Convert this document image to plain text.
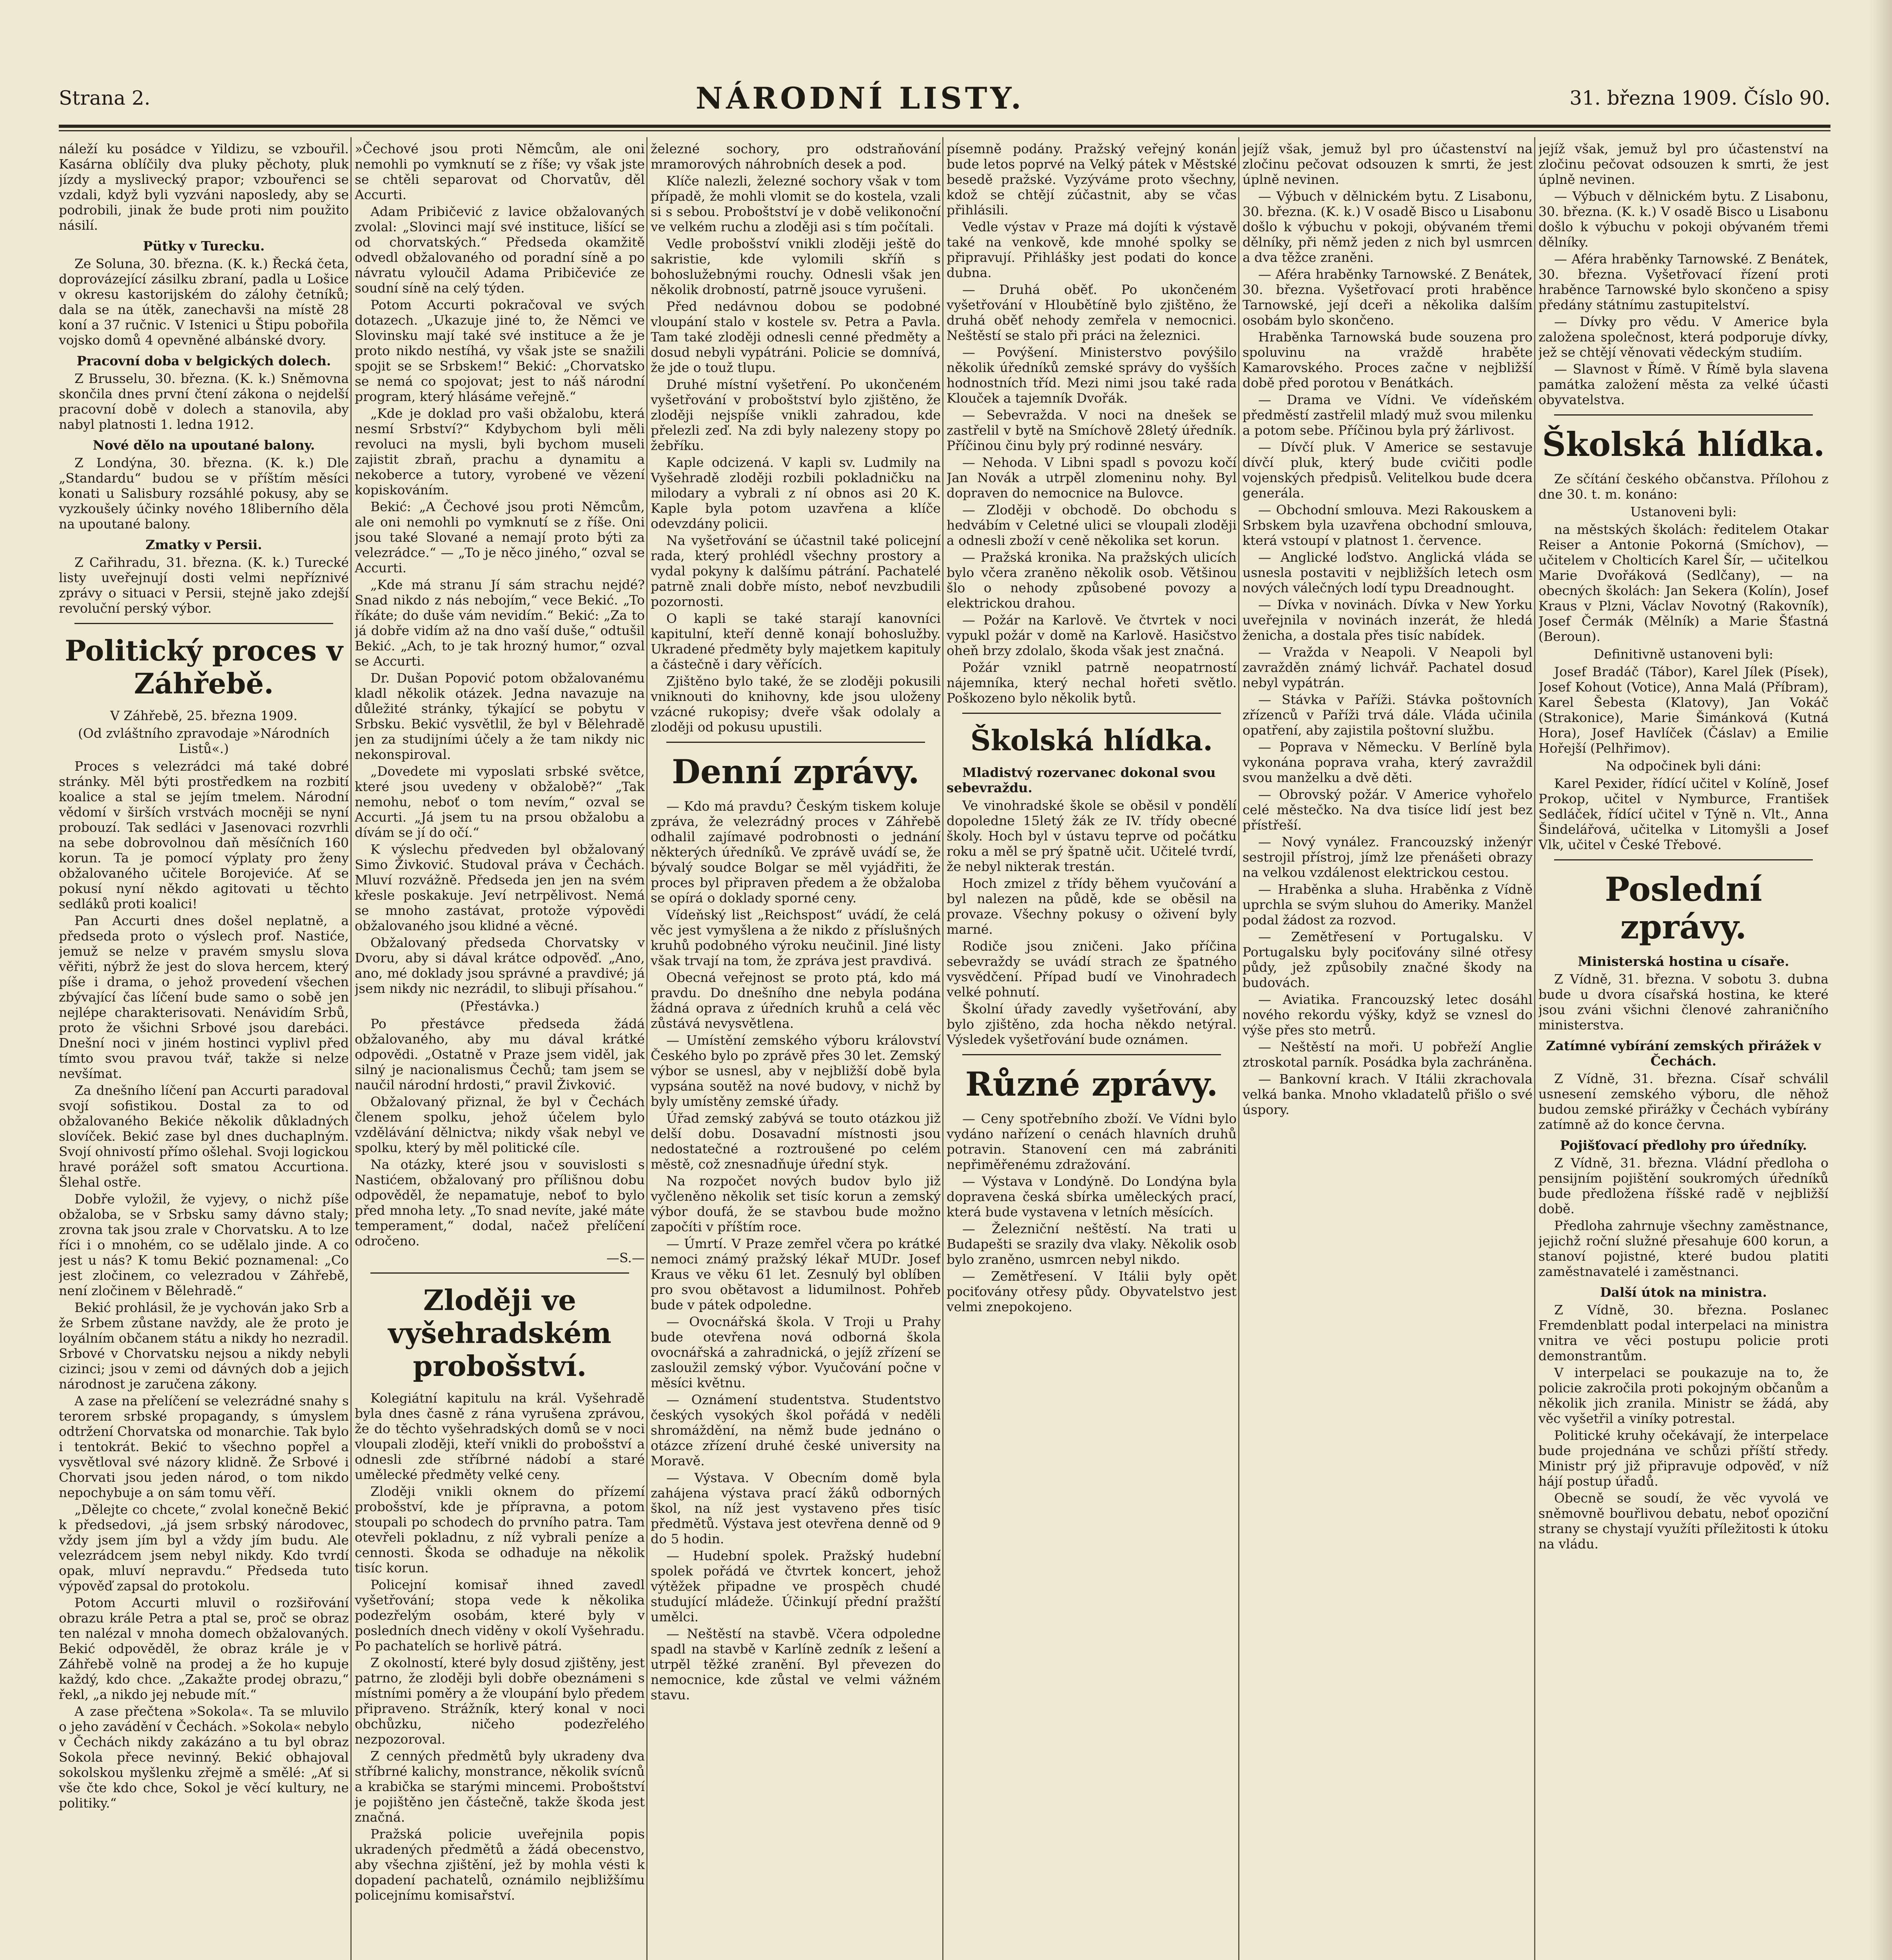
Strana 2.	NÁRODNÍ LISTY.	31. března 1909. Číslo 90.

náleží ku posádce v Yildizu, se vzbouřil. Kasárna oblíčily dva pluky pěchoty, pluk jízdy a myslivecký prapor; vzbouřenci se vzdali, když byli vyzváni naposledy, aby se podrobili, jinak že bude proti nim použito násilí.

Pütky v Turecku.

Ze Soluna, 30. března. (K. k.) Řecká četa, doprovázející zásilku zbraní, padla u Lošice v okresu kastorijském do zálohy četníků; dala se na útěk, zanechavši na místě 28 koní a 37 ručnic. V Istenici u Štipu pobořila vojsko domů 4 opevněné albánské dvory.

Pracovní doba v belgických dolech.

Z Brusselu, 30. března. (K. k.) Sněmovna skončila dnes první čtení zákona o nejdelší pracovní době v dolech a stanovila, aby nabyl platnosti 1. ledna 1912.

Nové dělo na upoutané balony.

Z Londýna, 30. března. (K. k.) Dle „Standardu“ budou se v příštím měsíci konati u Salisbury rozsáhlé pokusy, aby se vyzkoušely účinky nového 18liberního děla na upoutané balony.

Zmatky v Persii.

Z Cařihradu, 31. března. (K. k.) Turecké listy uveřejnují dosti velmi nepříznivé zprávy o situaci v Persii, stejně jako zdejší revoluční perský výbor.

Politický proces v Záhřebě.

V Záhřebě, 25. března 1909.

(Od zvláštního zpravodaje »Národních Listů«.)

Proces s velezrádci má také dobré stránky. Měl býti prostředkem na rozbití koalice a stal se jejím tmelem. Národní vědomí v širších vrstvách mocněji se nyní probouzí. Tak sedláci v Jasenovaci rozvrhli na sebe dobrovolnou daň měsíčních 160 korun. Ta je pomocí výplaty pro ženy obžalovaného učitele Borojeviće. Ať se pokusí nyní někdo agitovati u těchto sedláků proti koalici!

Pan Accurti dnes došel neplatně, a předseda proto o výslech prof. Nastiće, jemuž se nelze v pravém smyslu slova věřiti, nýbrž že jest do slova hercem, který píše i drama, o jehož provedení všechen zbývající čas líčení bude samo o sobě jen nejlépe charakterisovati. Nenávidím Srbů, proto že všichni Srbové jsou darebáci. Dnešní noci v jiném hostinci vyplivl před tímto svou pravou tvář, takže si nelze nevšímat.

Za dnešního líčení pan Accurti paradoval svojí sofistikou. Dostal za to od obžalovaného Bekiće několik důkladných slovíček. Bekić zase byl dnes duchaplným. Svojí ohnivostí přímo ošlehal. Svoji logickou hravé porážel soft smatou Accurtiona. Šlehal ostře.

Dobře vyložil, že vyjevy, o nichž píše obžaloba, se v Srbsku samy dávno staly; zrovna tak jsou zrale v Chorvatsku. A to lze říci i o mnohém, co se udělalo jinde. A co jest u nás? K tomu Bekić poznamenal: „Co jest zločinem, co velezradou v Záhřebě, není zločinem v Bělehradě.“

Bekić prohlásil, že je vychován jako Srb a že Srbem zůstane navždy, ale že proto je loyálním občanem státu a nikdy ho nezradil. Srbové v Chorvatsku nejsou a nikdy nebyli cizinci; jsou v zemi od dávných dob a jejich národnost je zaručena zákony.

A zase na přelíčení se velezrádné snahy s terorem srbské propagandy, s úmyslem odtržení Chorvatska od monarchie. Tak bylo i tentokrát. Bekić to všechno popřel a vysvětloval své názory klidně. Že Srbové i Chorvati jsou jeden národ, o tom nikdo nepochybuje a on sám tomu věří.

„Dělejte co chcete,“ zvolal konečně Bekić k předsedovi, „já jsem srbský národovec, vždy jsem jím byl a vždy jím budu. Ale velezrádcem jsem nebyl nikdy. Kdo tvrdí opak, mluví nepravdu.“ Předseda tuto výpověď zapsal do protokolu.

Potom Accurti mluvil o rozšiřování obrazu krále Petra a ptal se, proč se obraz ten nalézal v mnoha domech obžalovaných. Bekić odpověděl, že obraz krále je v Záhřebě volně na prodej a že ho kupuje každý, kdo chce. „Zakažte prodej obrazu,“ řekl, „a nikdo jej nebude mít.“

A zase přečtena »Sokola«. Ta se mluvilo o jeho zavádění v Čechách. »Sokola« nebylo v Čechách nikdy zakázáno a tu byl obraz Sokola přece nevinný. Bekić obhajoval sokolskou myšlenku zřejmě a smělé: „Ať si vše čte kdo chce, Sokol je věcí kultury, ne politiky.“

»Čechové jsou proti Němcům, ale oni nemohli po vymknutí se z říše; vy však jste se chtěli separovat od Chorvatův, děl Accurti.

Adam Pribičević z lavice obžalovaných zvolal: „Slovinci mají své instituce, lišící se od chorvatských.“ Předseda okamžitě odvedl obžalovaného od poradní síně a po návratu vyloučil Adama Pribičeviće ze soudní síně na celý týden.

Potom Accurti pokračoval ve svých dotazech. „Ukazuje jiné to, že Němci ve Slovinsku mají také své instituce a že je proto nikdo nestíhá, vy však jste se snažili spojit se se Srbskem!“ Bekić: „Chorvatsko se nemá co spojovat; jest to náš národní program, který hlásáme veřejně.“

„Kde je doklad pro vaši obžalobu, která nesmí Srbství?“ Kdybychom byli měli revoluci na mysli, byli bychom museli zajistit zbraň, prachu a dynamitu a nekoberce a tutory, vyrobené ve vězení kopiskováním.

Bekić: „A Čechové jsou proti Němcům, ale oni nemohli po vymknutí se z říše. Oni jsou také Slované a nemají proto býti za velezrádce.“ — „To je něco jiného,“ ozval se Accurti.

„Kde má stranu Jí sám strachu nejdé? Snad nikdo z nás nebojím,“ vece Bekić. „To říkáte; do duše vám nevidím.“ Bekić: „Za to já dobře vidím až na dno vaší duše,“ odtušil Bekić. „Ach, to je tak hrozný humor,“ ozval se Accurti.

Dr. Dušan Popović potom obžalovanému kladl několik otázek. Jedna navazuje na důležité stránky, týkající se pobytu v Srbsku. Bekić vysvětlil, že byl v Bělehradě jen za studijními účely a že tam nikdy nic nekonspiroval.

„Dovedete mi vyposlati srbské světce, které jsou uvedeny v obžalobě?“ „Tak nemohu, neboť o tom nevím,“ ozval se Accurti. „Já jsem tu na prsou obžalobu a dívám se jí do očí.“

K výslechu předveden byl obžalovaný Simo Živković. Studoval práva v Čechách. Mluví rozvážně. Předseda jen jen na svém křesle poskakuje. Jeví netrpělivost. Nemá se mnoho zastávat, protože výpovědi obžalovaného jsou klidné a věcné.

Obžalovaný předseda Chorvatsky v Dvoru, aby si dával krátce odpověď. „Ano, ano, mé doklady jsou správné a pravdivé; já jsem nikdy nic nezrádil, to slibuji přísahou.“

(Přestávka.)

Po přestávce předseda žádá obžalovaného, aby mu dával krátké odpovědi. „Ostatně v Praze jsem viděl, jak silný je nacionalismus Čechů; tam jsem se naučil národní hrdosti,“ pravil Živković.

Obžalovaný přiznal, že byl v Čechách členem spolku, jehož účelem bylo vzdělávání dělnictva; nikdy však nebyl ve spolku, který by měl politické cíle.

Na otázky, které jsou v souvislosti s Nastićem, obžalovaný pro přílišnou dobu odpověděl, že nepamatuje, neboť to bylo před mnoha lety. „To snad nevíte, jaké máte temperament,“ dodal, načež přelíčení odročeno.

—S.—

Zloději ve vyšehradském probošství.

Kolegiátní kapitulu na král. Vyšehradě byla dnes časně z rána vyrušena zprávou, že do těchto vyšehradských domů se v noci vloupali zloději, kteří vnikli do probošství a odnesli zde stříbrné nádobí a staré umělecké předměty velké ceny.

Zloději vnikli oknem do přízemí probošství, kde je přípravna, a potom stoupali po schodech do prvního patra. Tam otevřeli pokladnu, z níž vybrali peníze a cennosti. Škoda se odhaduje na několik tisíc korun.

Policejní komisař ihned zavedl vyšetřování; stopa vede k několika podezřelým osobám, které byly v posledních dnech viděny v okolí Vyšehradu. Po pachatelích se horlivě pátrá.

Z okolností, které byly dosud zjištěny, jest patrno, že zloději byli dobře obeznámeni s místními poměry a že vloupání bylo předem připraveno. Strážník, který konal v noci obchůzku, ničeho podezřelého nezpozoroval.

Z cenných předmětů byly ukradeny dva stříbrné kalichy, monstrance, několik svícnů a krabička se starými mincemi. Proboštství je pojištěno jen částečně, takže škoda jest značná.

Pražská policie uveřejnila popis ukradených předmětů a žádá obecenstvo, aby všechna zjištění, jež by mohla vésti k dopadení pachatelů, oznámilo nejbližšímu policejnímu komisařství.

železné sochory, pro odstraňování mramorových náhrobních desek a pod.

Klíče nalezli, železné sochory však v tom případě, že mohli vlomit se do kostela, vzali si s sebou. Proboštství je v době velikonoční ve velkém ruchu a zloději asi s tím počítali.

Vedle probošství vnikli zloději ještě do sakristie, kde vylomili skříň s bohoslužebnými rouchy. Odnesli však jen několik drobností, patrně jsouce vyrušeni.

Před nedávnou dobou se podobné vloupání stalo v kostele sv. Petra a Pavla. Tam také zloději odnesli cenné předměty a dosud nebyli vypátráni. Policie se domnívá, že jde o touž tlupu.

Druhé místní vyšetření. Po ukončeném vyšetřování v proboštství bylo zjištěno, že zloději nejspíše vnikli zahradou, kde přelezli zeď. Na zdi byly nalezeny stopy po žebříku.

Kaple odcizená. V kapli sv. Ludmily na Vyšehradě zloději rozbili pokladničku na milodary a vybrali z ní obnos asi 20 K. Kaple byla potom uzavřena a klíče odevzdány policii.

Na vyšetřování se účastnil také policejní rada, který prohlédl všechny prostory a vydal pokyny k dalšímu pátrání. Pachatelé patrně znali dobře místo, neboť nevzbudili pozornosti.

O kapli se také starají kanovníci kapitulní, kteří denně konají bohoslužby. Ukradené předměty byly majetkem kapituly a částečně i dary věřících.

Zjištěno bylo také, že se zloději pokusili vniknouti do knihovny, kde jsou uloženy vzácné rukopisy; dveře však odolaly a zloději od pokusu upustili.

Denní zprávy.

— Kdo má pravdu? Českým tiskem koluje zpráva, že velezrádný proces v Záhřebě odhalil zajímavé podrobnosti o jednání některých úředníků. Ve zprávě uvádí se, že bývalý soudce Bolgar se měl vyjádřiti, že proces byl připraven předem a že obžaloba se opírá o doklady sporné ceny.

Vídeňský list „Reichspost“ uvádí, že celá věc jest vymyšlena a že nikdo z příslušných kruhů podobného výroku neučinil. Jiné listy však trvají na tom, že zpráva jest pravdivá.

Obecná veřejnost se proto ptá, kdo má pravdu. Do dnešního dne nebyla podána žádná oprava z úředních kruhů a celá věc zůstává nevysvětlena.

— Umístění zemského výboru království Českého bylo po zprávě přes 30 let. Zemský výbor se usnesl, aby v nejbližší době byla vypsána soutěž na nové budovy, v nichž by byly umístěny zemské úřady.

Úřad zemský zabývá se touto otázkou již delší dobu. Dosavadní místnosti jsou nedostatečné a roztroušené po celém městě, což znesnadňuje úřední styk.

Na rozpočet nových budov bylo již vyčleněno několik set tisíc korun a zemský výbor doufá, že se stavbou bude možno započíti v příštím roce.

— Úmrtí. V Praze zemřel včera po krátké nemoci známý pražský lékař MUDr. Josef Kraus ve věku 61 let. Zesnulý byl oblíben pro svou obětavost a lidumilnost. Pohřeb bude v pátek odpoledne.

— Ovocnářská škola. V Troji u Prahy bude otevřena nová odborná škola ovocnářská a zahradnická, o jejíž zřízení se zasloužil zemský výbor. Vyučování počne v měsíci květnu.

— Oznámení studentstva. Studentstvo českých vysokých škol pořádá v neděli shromáždění, na němž bude jednáno o otázce zřízení druhé české university na Moravě.

— Výstava. V Obecním domě byla zahájena výstava prací žáků odborných škol, na níž jest vystaveno přes tisíc předmětů. Výstava jest otevřena denně od 9 do 5 hodin.

— Hudební spolek. Pražský hudební spolek pořádá ve čtvrtek koncert, jehož výtěžek připadne ve prospěch chudé studující mládeže. Účinkují přední pražští umělci.

— Neštěstí na stavbě. Včera odpoledne spadl na stavbě v Karlíně zedník z lešení a utrpěl těžké zranění. Byl převezen do nemocnice, kde zůstal ve velmi vážném stavu.

písemně podány. Pražský veřejný konán bude letos poprvé na Velký pátek v Městské besedě pražské. Vyzýváme proto všechny, kdož se chtějí zúčastnit, aby se včas přihlásili.

Vedle výstav v Praze má dojíti k výstavě také na venkově, kde mnohé spolky se připravují. Přihlášky jest podati do konce dubna.

— Druhá oběť. Po ukončeném vyšetřování v Hloubětíně bylo zjištěno, že druhá oběť nehody zemřela v nemocnici. Neštěstí se stalo při práci na železnici.

— Povýšení. Ministerstvo povýšilo několik úředníků zemské správy do vyšších hodnostních tříd. Mezi nimi jsou také rada Klouček a tajemník Dvořák.

— Sebevražda. V noci na dnešek se zastřelil v bytě na Smíchově 28letý úředník. Příčinou činu byly prý rodinné nesváry.

— Nehoda. V Libni spadl s povozu kočí Jan Novák a utrpěl zlomeninu nohy. Byl dopraven do nemocnice na Bulovce.

— Zloději v obchodě. Do obchodu s hedvábím v Celetné ulici se vloupali zloději a odnesli zboží v ceně několika set korun.

— Pražská kronika. Na pražských ulicích bylo včera zraněno několik osob. Většinou šlo o nehody způsobené povozy a elektrickou drahou.

— Požár na Karlově. Ve čtvrtek v noci vypukl požár v domě na Karlově. Hasičstvo oheň brzy zdolalo, škoda však jest značná.

Požár vznikl patrně neopatrností nájemníka, který nechal hořeti světlo. Poškozeno bylo několik bytů.

Školská hlídka.

Mladistvý rozervanec dokonal svou sebevraždu.

Ve vinohradské škole se oběsil v pondělí dopoledne 15letý žák ze IV. třídy obecné školy. Hoch byl v ústavu teprve od počátku roku a měl se prý špatně učit. Učitelé tvrdí, že nebyl nikterak trestán.

Hoch zmizel z třídy během vyučování a byl nalezen na půdě, kde se oběsil na provaze. Všechny pokusy o oživení byly marné.

Rodiče jsou zničeni. Jako příčina sebevraždy se uvádí strach ze špatného vysvědčení. Případ budí ve Vinohradech velké pohnutí.

Školní úřady zavedly vyšetřování, aby bylo zjištěno, zda hocha někdo netýral. Výsledek vyšetřování bude oznámen.

Různé zprávy.

— Ceny spotřebního zboží. Ve Vídni bylo vydáno nařízení o cenách hlavních druhů potravin. Stanovení cen má zabrániti nepřiměřenému zdražování.

— Výstava v Londýně. Do Londýna byla dopravena česká sbírka uměleckých prací, která bude vystavena v letních měsících.

— Železniční neštěstí. Na trati u Budapešti se srazily dva vlaky. Několik osob bylo zraněno, usmrcen nebyl nikdo.

— Zemětřesení. V Itálii byly opět pociťovány otřesy půdy. Obyvatelstvo jest velmi znepokojeno.

jejíž však, jemuž byl pro účastenství na zločinu pečovat odsouzen k smrti, že jest úplně nevinen.

— Výbuch v dělnickém bytu. Z Lisabonu, 30. března. (K. k.) V osadě Bisco u Lisabonu došlo k výbuchu v pokoji, obývaném třemi dělníky, při němž jeden z nich byl usmrcen a dva těžce zraněni.

— Aféra hraběnky Tarnowské. Z Benátek, 30. března. Vyšetřovací proti hraběnce Tarnowské, její dceři a několika dalším osobám bylo skončeno.

Hraběnka Tarnowská bude souzena pro spoluvinu na vraždě hraběte Kamarovského. Proces začne v nejbližší době před porotou v Benátkách.

— Drama ve Vídni. Ve vídeňském předměstí zastřelil mladý muž svou milenku a potom sebe. Příčinou byla prý žárlivost.

— Dívčí pluk. V Americe se sestavuje dívčí pluk, který bude cvičiti podle vojenských předpisů. Velitelkou bude dcera generála.

— Obchodní smlouva. Mezi Rakouskem a Srbskem byla uzavřena obchodní smlouva, která vstoupí v platnost 1. července.

— Anglické loďstvo. Anglická vláda se usnesla postaviti v nejbližších letech osm nových válečných lodí typu Dreadnought.

— Dívka v novinách. Dívka v New Yorku uveřejnila v novinách inzerát, že hledá ženicha, a dostala přes tisíc nabídek.

— Vražda v Neapoli. V Neapoli byl zavražděn známý lichvář. Pachatel dosud nebyl vypátrán.

— Stávka v Paříži. Stávka poštovních zřízenců v Paříži trvá dále. Vláda učinila opatření, aby zajistila poštovní službu.

— Poprava v Německu. V Berlíně byla vykonána poprava vraha, který zavraždil svou manželku a dvě děti.

— Obrovský požár. V Americe vyhořelo celé městečko. Na dva tisíce lidí jest bez přístřeší.

— Nový vynález. Francouzský inženýr sestrojil přístroj, jímž lze přenášeti obrazy na velkou vzdálenost elektrickou cestou.

— Hraběnka a sluha. Hraběnka z Vídně uprchla se svým sluhou do Ameriky. Manžel podal žádost za rozvod.

— Zemětřesení v Portugalsku. V Portugalsku byly pociťovány silné otřesy půdy, jež způsobily značné škody na budovách.

— Aviatika. Francouzský letec dosáhl nového rekordu výšky, když se vznesl do výše přes sto metrů.

— Neštěstí na moři. U pobřeží Anglie ztroskotal parník. Posádka byla zachráněna.

— Bankovní krach. V Itálii zkrachovala velká banka. Mnoho vkladatelů přišlo o své úspory.

jejíž však, jemuž byl pro účastenství na zločinu pečovat odsouzen k smrti, že jest úplně nevinen.

— Výbuch v dělnickém bytu. Z Lisabonu, 30. března. (K. k.) V osadě Bisco u Lisabonu došlo k výbuchu v pokoji obývaném třemi dělníky.

— Aféra hraběnky Tarnowské. Z Benátek, 30. března. Vyšetřovací řízení proti hraběnce Tarnowské bylo skončeno a spisy předány státnímu zastupitelství.

— Dívky pro vědu. V Americe byla založena společnost, která podporuje dívky, jež se chtějí věnovati vědeckým studiím.

— Slavnost v Římě. V Římě byla slavena památka založení města za velké účasti obyvatelstva.

Školská hlídka.

Ze sčítání českého občanstva. Přílohou z dne 30. t. m. konáno:

Ustanoveni byli:

na městských školách: ředitelem Otakar Reiser a Antonie Pokorná (Smíchov), — učitelem v Cholticích Karel Šír, — učitelkou Marie Dvořáková (Sedlčany), — na obecných školách: Jan Sekera (Kolín), Josef Kraus v Plzni, Václav Novotný (Rakovník), Josef Čermák (Mělník) a Marie Šťastná (Beroun).

Definitivně ustanoveni byli:

Josef Bradáč (Tábor), Karel Jílek (Písek), Josef Kohout (Votice), Anna Malá (Příbram), Karel Šebesta (Klatovy), Jan Vokáč (Strakonice), Marie Šimánková (Kutná Hora), Josef Havlíček (Čáslav) a Emilie Hořejší (Pelhřimov).

Na odpočinek byli dáni:

Karel Pexider, řídící učitel v Kolíně, Josef Prokop, učitel v Nymburce, František Sedláček, řídící učitel v Týně n. Vlt., Anna Šindelářová, učitelka v Litomyšli a Josef Vlk, učitel v České Třebové.

Poslední zprávy.

Ministerská hostina u císaře.

Z Vídně, 31. března. V sobotu 3. dubna bude u dvora císařská hostina, ke které jsou zváni všichni členové zahraničního ministerstva.

Zatímné vybírání zemských přirážek v Čechách.

Z Vídně, 31. března. Císař schválil usnesení zemského výboru, dle něhož budou zemské přirážky v Čechách vybírány zatímně až do konce června.

Pojišťovací předlohy pro úředníky.

Z Vídně, 31. března. Vládní předloha o pensijním pojištění soukromých úředníků bude předložena říšské radě v nejbližší době.

Předloha zahrnuje všechny zaměstnance, jejichž roční služné přesahuje 600 korun, a stanoví pojistné, které budou platiti zaměstnavatelé i zaměstnanci.

Další útok na ministra.

Z Vídně, 30. března. Poslanec Fremdenblatt podal interpelaci na ministra vnitra ve věci postupu policie proti demonstrantům.

V interpelaci se poukazuje na to, že policie zakročila proti pokojným občanům a několik jich zranila. Ministr se žádá, aby věc vyšetřil a viníky potrestal.

Politické kruhy očekávají, že interpelace bude projednána ve schůzi příští středy. Ministr prý již připravuje odpověď, v níž hájí postup úřadů.

Obecně se soudí, že věc vyvolá ve sněmovně bouřlivou debatu, neboť opoziční strany se chystají využíti příležitosti k útoku na vládu.
